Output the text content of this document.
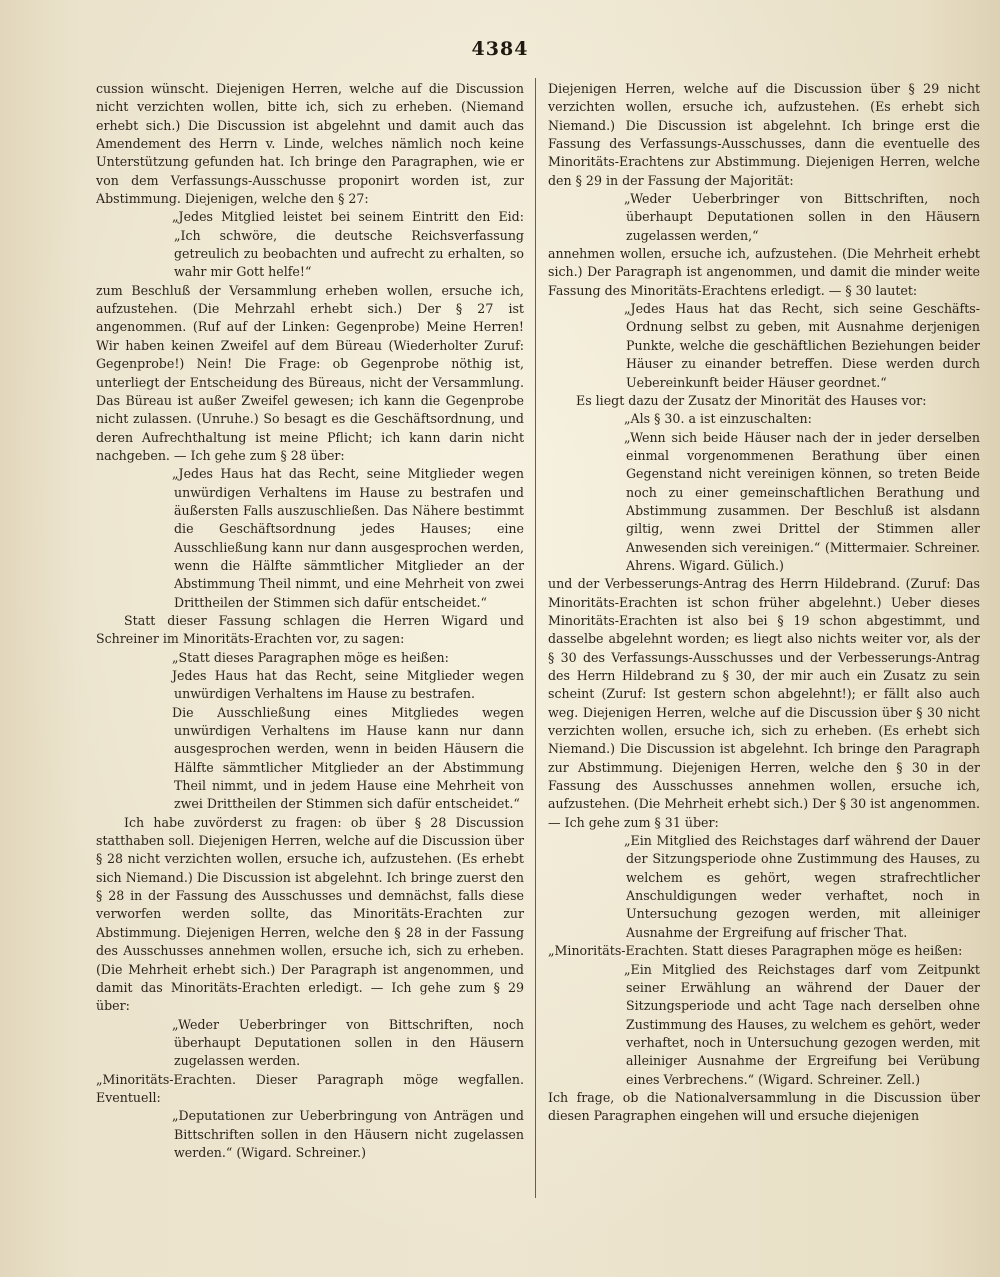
4384

cussion wünscht. Diejenigen Herren, welche auf die Discussion nicht verzichten wollen, bitte ich, sich zu erheben. (Niemand erhebt sich.) Die Discussion ist abgelehnt und damit auch das Amendement des Herrn v. Linde, welches nämlich noch keine Unterstützung gefunden hat. Ich bringe den Paragraphen, wie er von dem Verfassungs-Ausschusse proponirt worden ist, zur Abstimmung. Diejenigen, welche den § 27:

„Jedes Mitglied leistet bei seinem Eintritt den Eid: „Ich schwöre, die deutsche Reichsverfassung getreulich zu beobachten und aufrecht zu erhalten, so wahr mir Gott helfe!“

zum Beschluß der Versammlung erheben wollen, ersuche ich, aufzustehen. (Die Mehrzahl erhebt sich.) Der § 27 ist angenommen. (Ruf auf der Linken: Gegenprobe) Meine Herren! Wir haben keinen Zweifel auf dem Büreau (Wiederholter Zuruf: Gegenprobe!) Nein! Die Frage: ob Gegenprobe nöthig ist, unterliegt der Entscheidung des Büreaus, nicht der Versammlung. Das Büreau ist außer Zweifel gewesen; ich kann die Gegenprobe nicht zulassen. (Unruhe.) So besagt es die Geschäftsordnung, und deren Aufrechthaltung ist meine Pflicht; ich kann darin nicht nachgeben. — Ich gehe zum § 28 über:

„Jedes Haus hat das Recht, seine Mitglieder wegen unwürdigen Verhaltens im Hause zu bestrafen und äußersten Falls auszuschließen. Das Nähere bestimmt die Geschäftsordnung jedes Hauses; eine Ausschließung kann nur dann ausgesprochen werden, wenn die Hälfte sämmtlicher Mitglieder an der Abstimmung Theil nimmt, und eine Mehrheit von zwei Drittheilen der Stimmen sich dafür entscheidet.“

Statt dieser Fassung schlagen die Herren Wigard und Schreiner im Minoritäts-Erachten vor, zu sagen:

„Statt dieses Paragraphen möge es heißen:

Jedes Haus hat das Recht, seine Mitglieder wegen unwürdigen Verhaltens im Hause zu bestrafen.

Die Ausschließung eines Mitgliedes wegen unwürdigen Verhaltens im Hause kann nur dann ausgesprochen werden, wenn in beiden Häusern die Hälfte sämmtlicher Mitglieder an der Abstimmung Theil nimmt, und in jedem Hause eine Mehrheit von zwei Drittheilen der Stimmen sich dafür entscheidet.“

Ich habe zuvörderst zu fragen: ob über § 28 Discussion statthaben soll. Diejenigen Herren, welche auf die Discussion über § 28 nicht verzichten wollen, ersuche ich, aufzustehen. (Es erhebt sich Niemand.) Die Discussion ist abgelehnt. Ich bringe zuerst den § 28 in der Fassung des Ausschusses und demnächst, falls diese verworfen werden sollte, das Minoritäts-Erachten zur Abstimmung. Diejenigen Herren, welche den § 28 in der Fassung des Ausschusses annehmen wollen, ersuche ich, sich zu erheben. (Die Mehrheit erhebt sich.) Der Paragraph ist angenommen, und damit das Minoritäts-Erachten erledigt. — Ich gehe zum § 29 über:

„Weder Ueberbringer von Bittschriften, noch überhaupt Deputationen sollen in den Häusern zugelassen werden.

„Minoritäts-Erachten. Dieser Paragraph möge wegfallen. Eventuell:

„Deputationen zur Ueberbringung von Anträgen und Bittschriften sollen in den Häusern nicht zugelassen werden.“ (Wigard. Schreiner.)

Diejenigen Herren, welche auf die Discussion über § 29 nicht verzichten wollen, ersuche ich, aufzustehen. (Es erhebt sich Niemand.) Die Discussion ist abgelehnt. Ich bringe erst die Fassung des Verfassungs-Ausschusses, dann die eventuelle des Minoritäts-Erachtens zur Abstimmung. Diejenigen Herren, welche den § 29 in der Fassung der Majorität:

„Weder Ueberbringer von Bittschriften, noch überhaupt Deputationen sollen in den Häusern zugelassen werden,“

annehmen wollen, ersuche ich, aufzustehen. (Die Mehrheit erhebt sich.) Der Paragraph ist angenommen, und damit die minder weite Fassung des Minoritäts-Erachtens erledigt. — § 30 lautet:

„Jedes Haus hat das Recht, sich seine Geschäfts-Ordnung selbst zu geben, mit Ausnahme derjenigen Punkte, welche die geschäftlichen Beziehungen beider Häuser zu einander betreffen. Diese werden durch Uebereinkunft beider Häuser geordnet.“

Es liegt dazu der Zusatz der Minorität des Hauses vor:

„Als § 30. a ist einzuschalten:

„Wenn sich beide Häuser nach der in jeder derselben einmal vorgenommenen Berathung über einen Gegenstand nicht vereinigen können, so treten Beide noch zu einer gemeinschaftlichen Berathung und Abstimmung zusammen. Der Beschluß ist alsdann giltig, wenn zwei Drittel der Stimmen aller Anwesenden sich vereinigen.“ (Mittermaier. Schreiner. Ahrens. Wigard. Gülich.)

und der Verbesserungs-Antrag des Herrn Hildebrand. (Zuruf: Das Minoritäts-Erachten ist schon früher abgelehnt.) Ueber dieses Minoritäts-Erachten ist also bei § 19 schon abgestimmt, und dasselbe abgelehnt worden; es liegt also nichts weiter vor, als der § 30 des Verfassungs-Ausschusses und der Verbesserungs-Antrag des Herrn Hildebrand zu § 30, der mir auch ein Zusatz zu sein scheint (Zuruf: Ist gestern schon abgelehnt!); er fällt also auch weg. Diejenigen Herren, welche auf die Discussion über § 30 nicht verzichten wollen, ersuche ich, sich zu erheben. (Es erhebt sich Niemand.) Die Discussion ist abgelehnt. Ich bringe den Paragraph zur Abstimmung. Diejenigen Herren, welche den § 30 in der Fassung des Ausschusses annehmen wollen, ersuche ich, aufzustehen. (Die Mehrheit erhebt sich.) Der § 30 ist angenommen. — Ich gehe zum § 31 über:

„Ein Mitglied des Reichstages darf während der Dauer der Sitzungsperiode ohne Zustimmung des Hauses, zu welchem es gehört, wegen strafrechtlicher Anschuldigungen weder verhaftet, noch in Untersuchung gezogen werden, mit alleiniger Ausnahme der Ergreifung auf frischer That.

„Minoritäts-Erachten. Statt dieses Paragraphen möge es heißen:

„Ein Mitglied des Reichstages darf vom Zeitpunkt seiner Erwählung an während der Dauer der Sitzungsperiode und acht Tage nach derselben ohne Zustimmung des Hauses, zu welchem es gehört, weder verhaftet, noch in Untersuchung gezogen werden, mit alleiniger Ausnahme der Ergreifung bei Verübung eines Verbrechens.“ (Wigard. Schreiner. Zell.)

Ich frage, ob die Nationalversammlung in die Discussion über diesen Paragraphen eingehen will und ersuche diejenigen
